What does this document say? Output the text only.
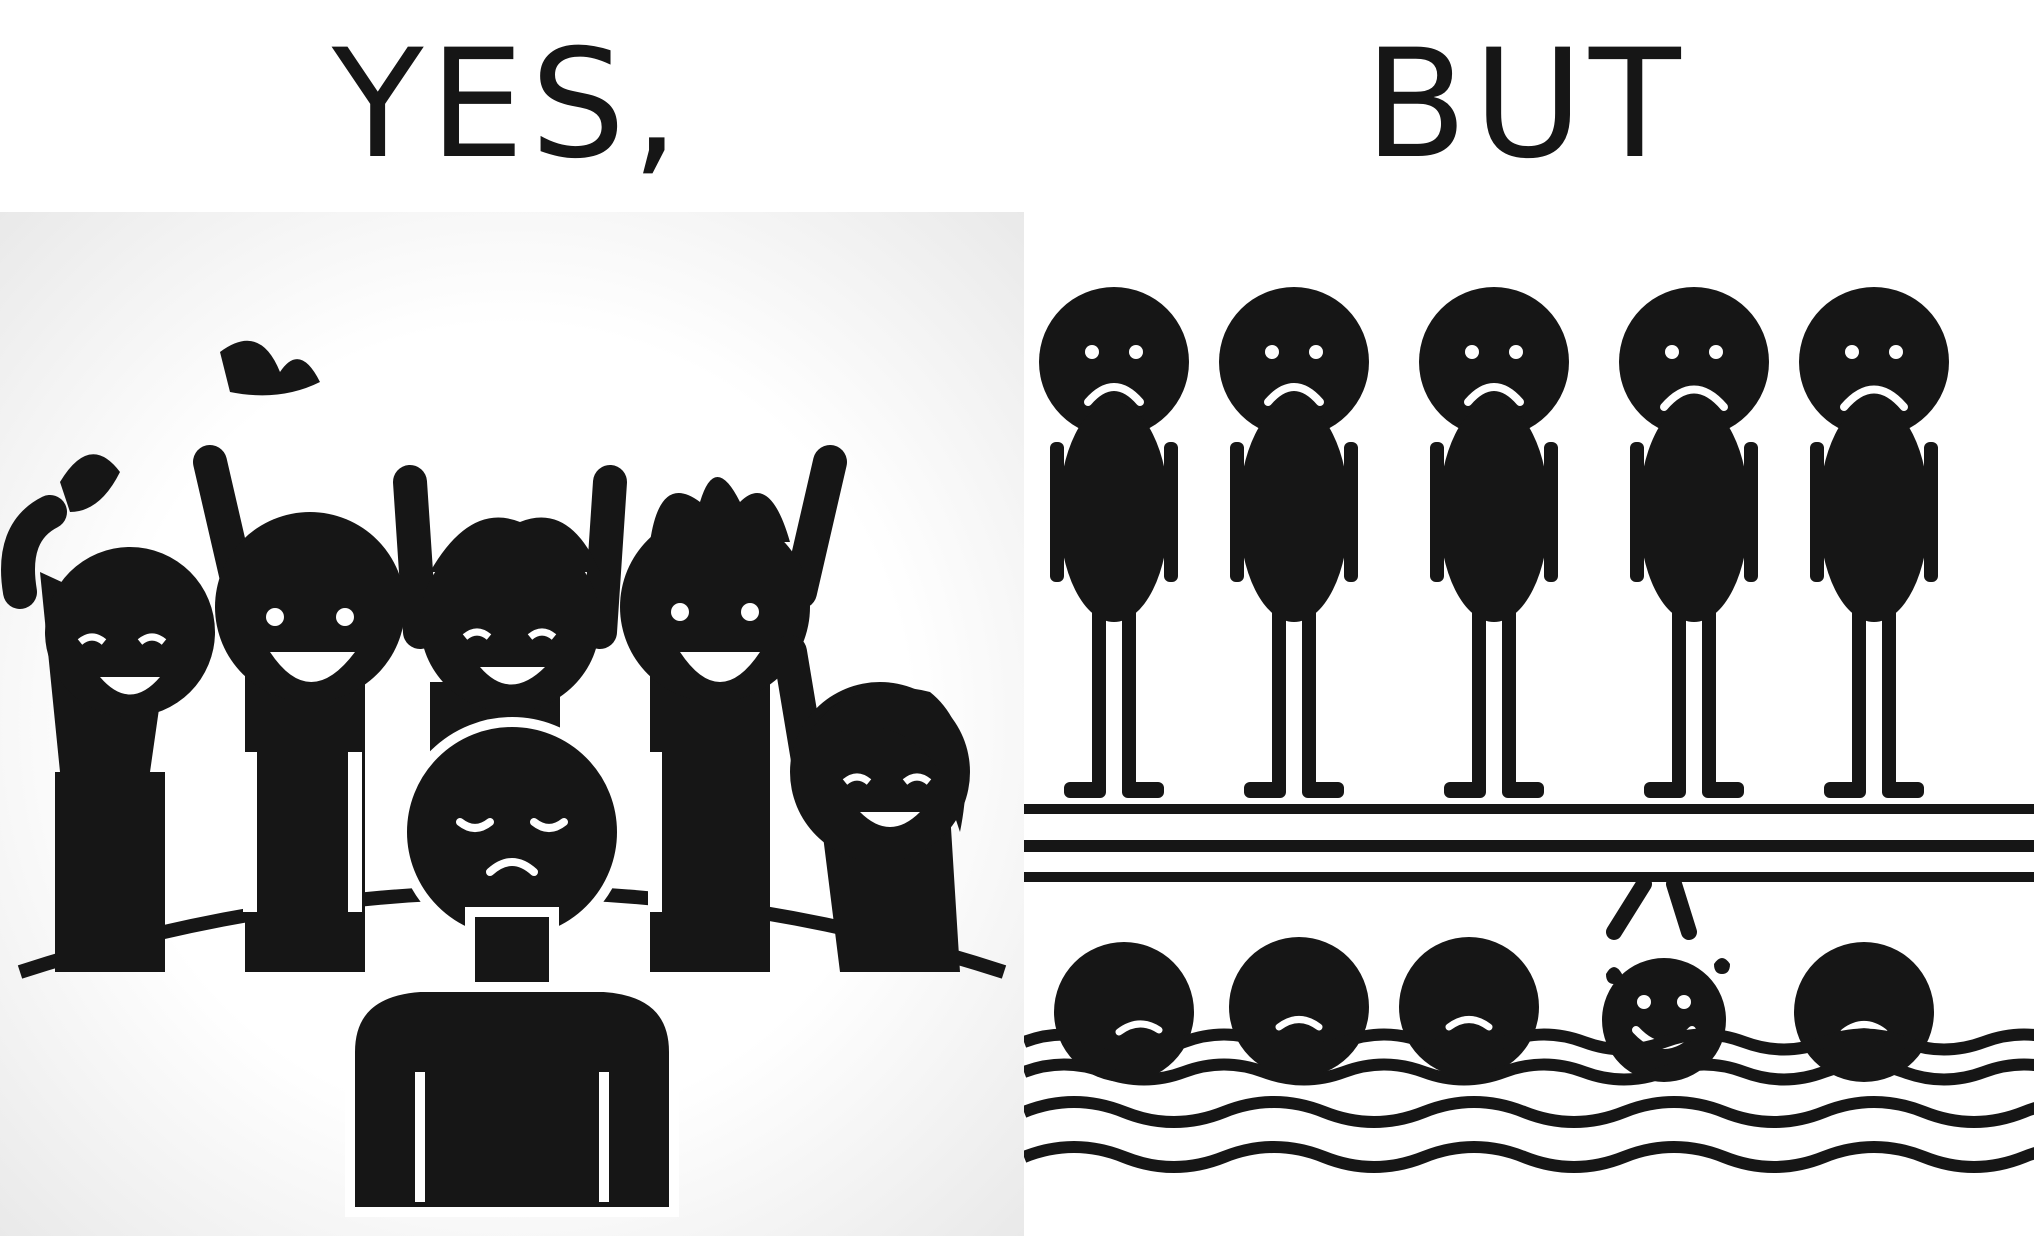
YES,	BUT
